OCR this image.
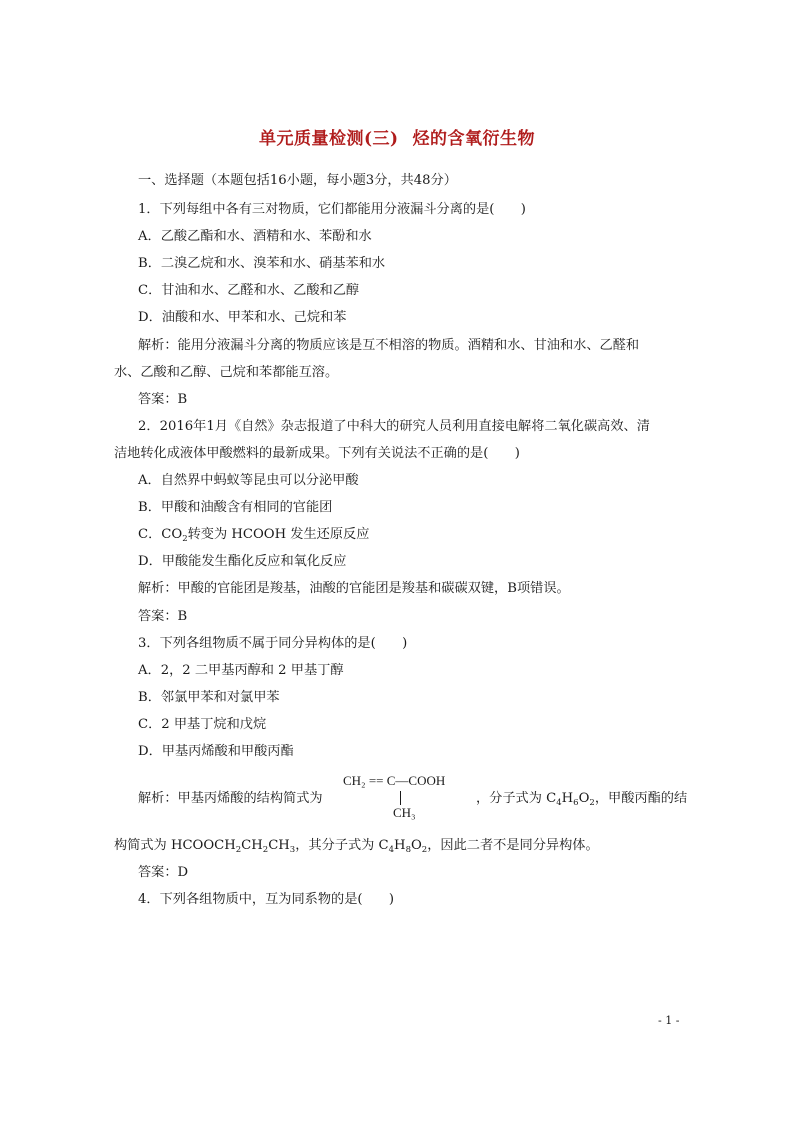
单元质量检测(三) 烃的含氧衍生物
一、选择题（本题包括16小题，每小题3分，共48分）
1．下列每组中各有三对物质，它们都能用分液漏斗分离的是(　　)
A．乙酸乙酯和水、酒精和水、苯酚和水
B．二溴乙烷和水、溴苯和水、硝基苯和水
C．甘油和水、乙醛和水、乙酸和乙醇
D．油酸和水、甲苯和水、己烷和苯
解析：能用分液漏斗分离的物质应该是互不相溶的物质。酒精和水、甘油和水、乙醛和
水、乙酸和乙醇、己烷和苯都能互溶。
答案：B
2．2016年1月《自然》杂志报道了中科大的研究人员利用直接电解将二氧化碳高效、清
洁地转化成液体甲酸燃料的最新成果。下列有关说法不正确的是(　　)
A．自然界中蚂蚁等昆虫可以分泌甲酸
B．甲酸和油酸含有相同的官能团
C．$CO_2$转变为 HCOOH 发生还原反应
D．甲酸能发生酯化反应和氧化反应
解析：甲酸的官能团是羧基，油酸的官能团是羧基和碳碳双键，B项错误。
答案：B
3．下列各组物质不属于同分异构体的是(　　)
A．2，2 二甲基丙醇和 2 甲基丁醇
B．邻氯甲苯和对氯甲苯
C．2 甲基丁烷和戊烷
D．甲基丙烯酸和甲酸丙酯
解析：甲基丙烯酸的结构简式为
CH₂ == C—COOH
CH₃
，分子式为 $C_4H_6O_2$，甲酸丙酯的结
构简式为 $HCOOCH_2CH_2CH_3$，其分子式为 $C_4H_8O_2$，因此二者不是同分异构体。
答案：D
4．下列各组物质中，互为同系物的是(　　)
- 1 -
